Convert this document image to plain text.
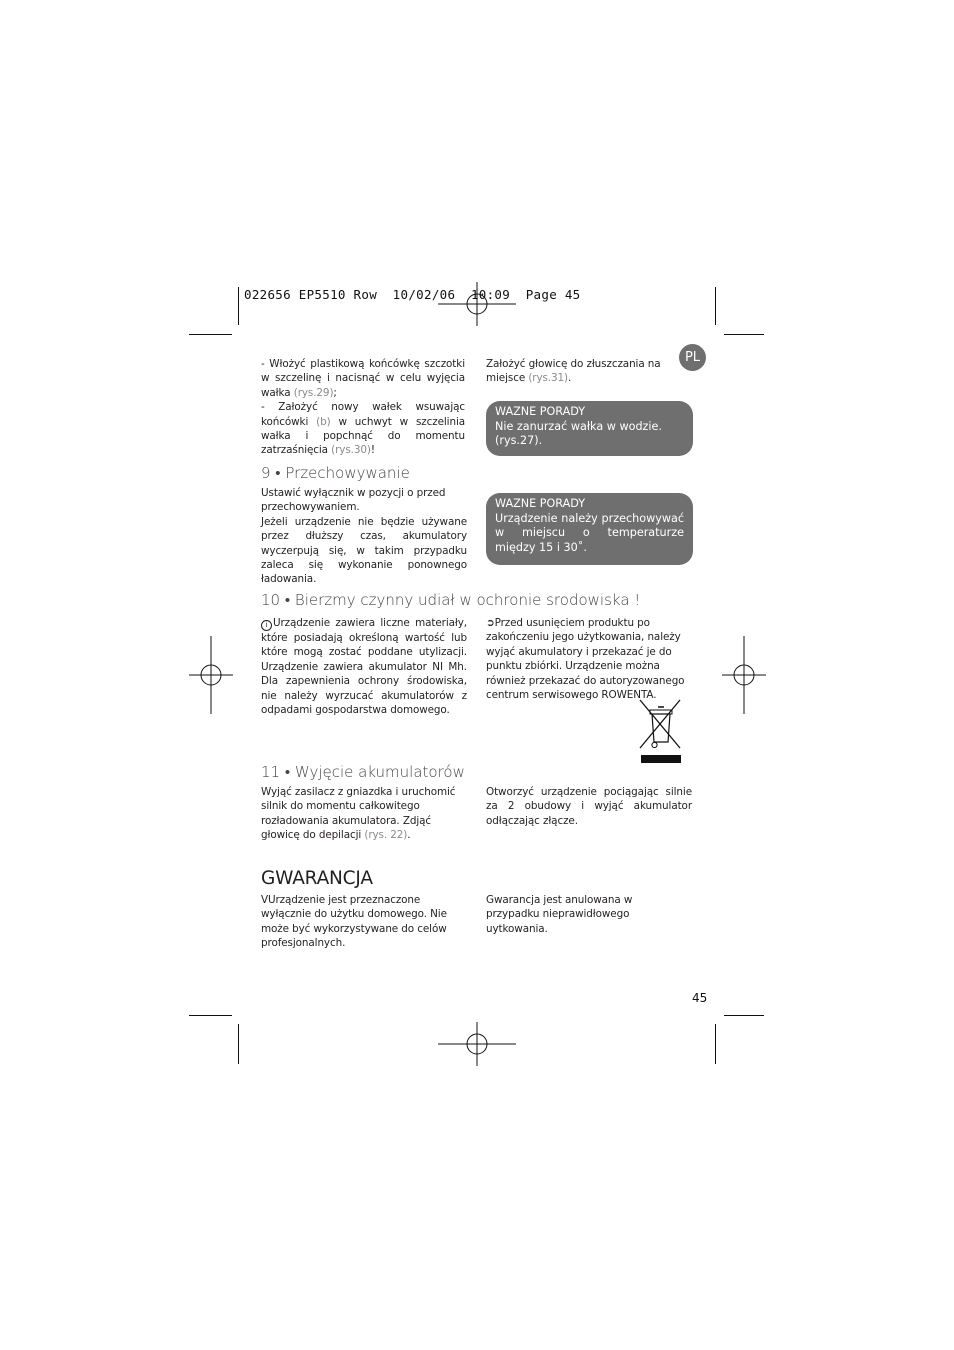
022656 EP5510 Row  10/02/06  10:09  Page 45
PL

- Włożyć plastikową końcówkę szczotki w szczelinę i nacisnąć w celu wyjęcia wałka (rys.29);

- Założyć nowy wałek wsuwając końcówki (b) w uchwyt w szczelinia wałka i popchnąć do momentu zatrzaśnięcia (rys.30)!

Założyć głowicę do złuszczania na miejsce (rys.31).

WAZNE PORADY

Nie zanurzać wałka w wodzie. (rys.27).

9 • Przechowywanie

Ustawić wyłącznik w pozycji o przed przechowywaniem.

Jeżeli urządzenie nie będzie używane przez dłuższy czas, akumulatory wyczerpują się, w takim przypadku zaleca się wykonanie ponownego ładowania.

WAZNE PORADY

Urządzenie należy przechowywać w miejscu o temperaturze między 15 i 30˚.

10 • Bierzmy czynny udiał w ochronie srodowiska !

i Urządzenie zawiera liczne materiały, które posiadają określoną wartość lub które mogą zostać poddane utylizacji. Urządzenie zawiera akumulator NI Mh. Dla zapewnienia ochrony środowiska, nie należy wyrzucać akumulatorów z odpadami gospodarstwa domowego.

➲Przed usunięciem produktu po zakończeniu jego użytkowania, należy wyjąć akumulatory i przekazać je do punktu zbiórki. Urządzenie można również przekazać do autoryzowanego centrum serwisowego ROWENTA.

11 • Wyjęcie akumulatorów

Wyjąć zasilacz z gniazdka i uruchomić silnik do momentu całkowitego rozładowania akumulatora. Zdjąć głowicę do depilacji (rys. 22).

Otworzyć urządzenie pociągając silnie za 2 obudowy i wyjąć akumulator odłączając złącze.

GWARANCJA

VUrządzenie jest przeznaczone wyłącznie do użytku domowego. Nie może być wykorzystywane do celów profesjonalnych.

Gwarancja jest anulowana w przypadku nieprawidłowego uytkowania.

45
